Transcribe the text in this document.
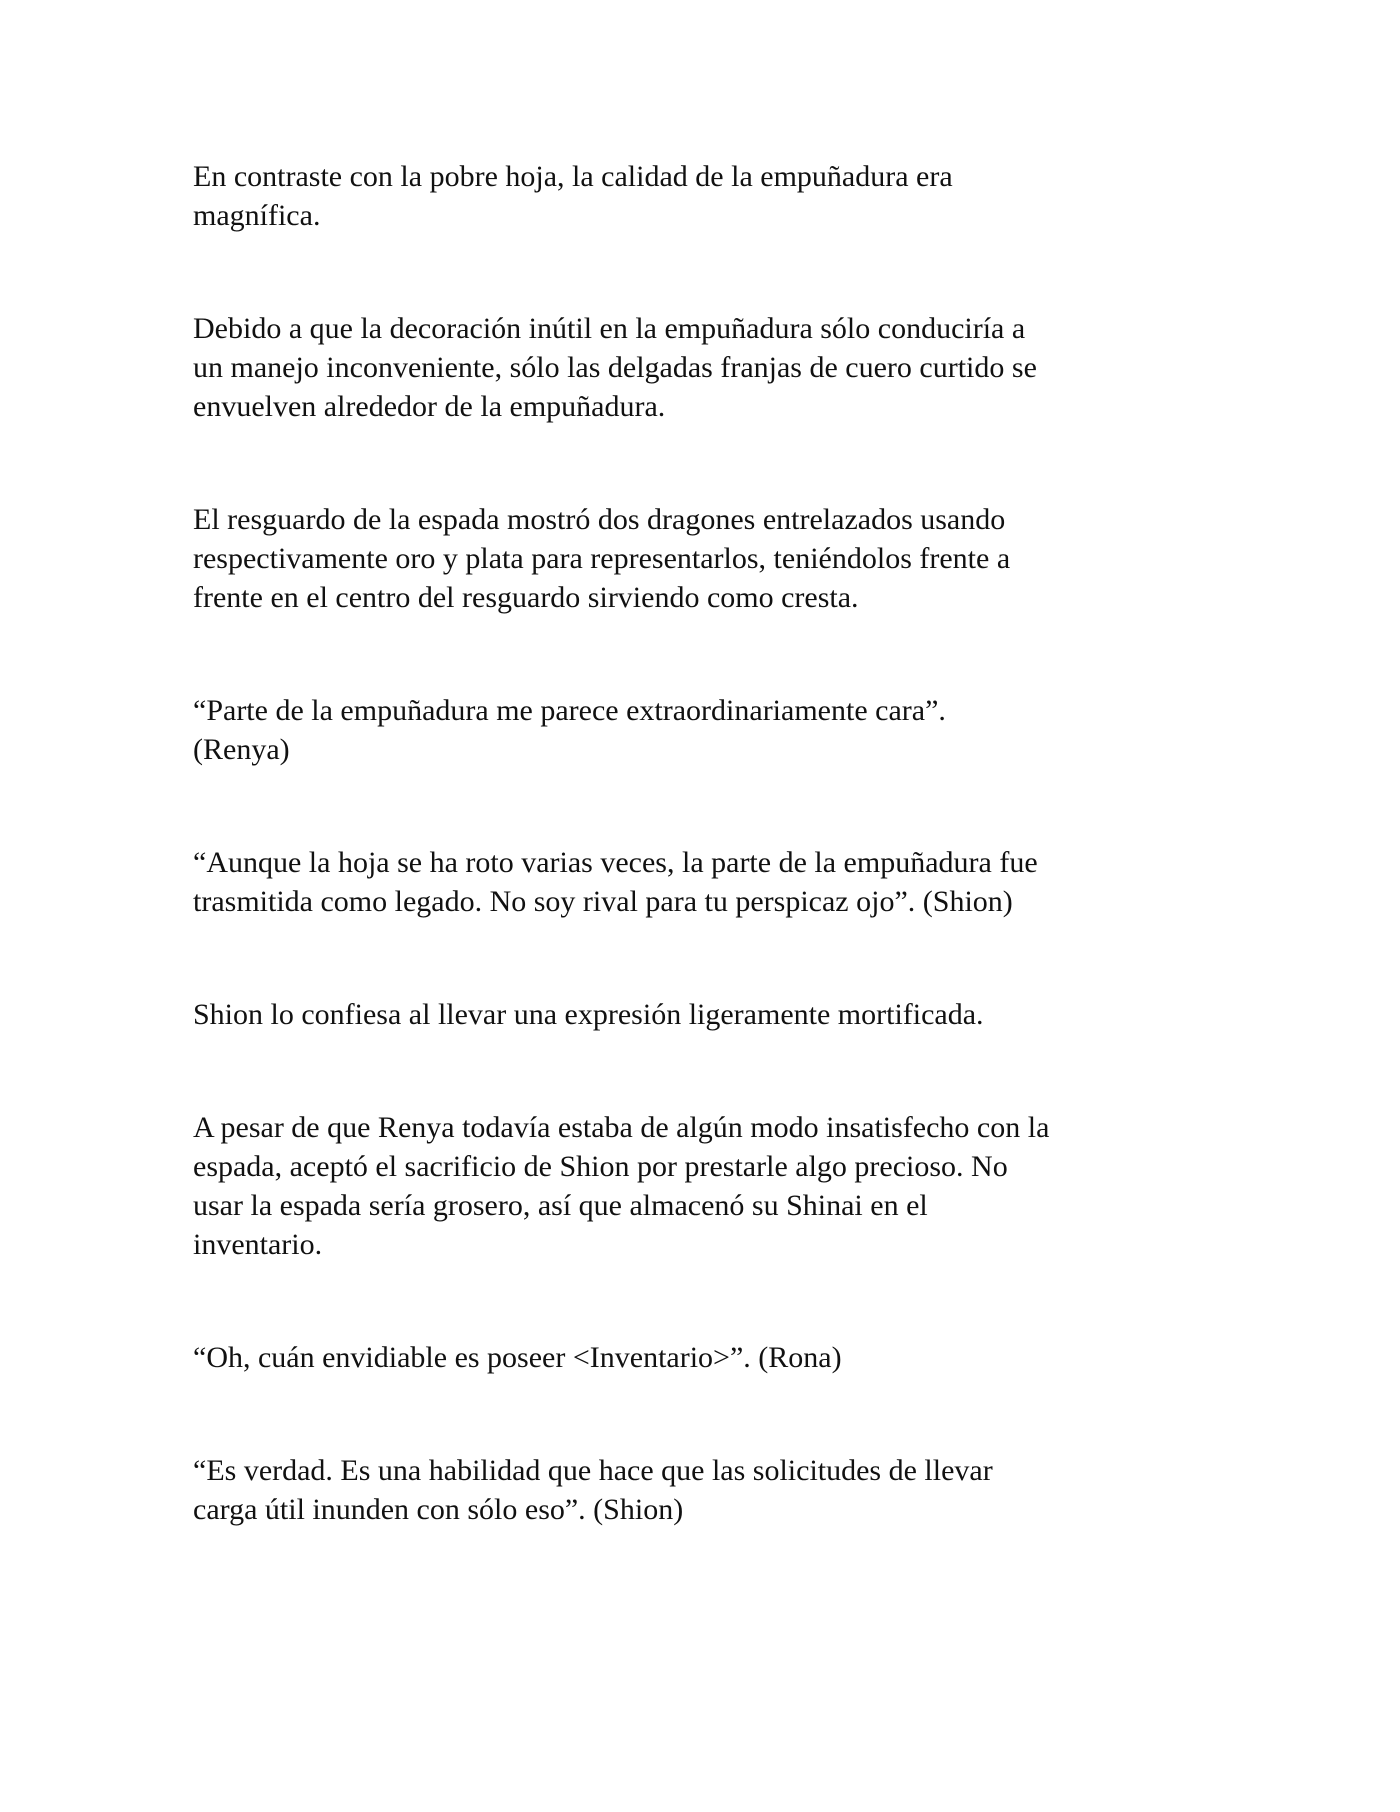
En contraste con la pobre hoja, la calidad de la empuñadura era
magnífica.

Debido a que la decoración inútil en la empuñadura sólo conduciría a
un manejo inconveniente, sólo las delgadas franjas de cuero curtido se
envuelven alrededor de la empuñadura.

El resguardo de la espada mostró dos dragones entrelazados usando
respectivamente oro y plata para representarlos, teniéndolos frente a
frente en el centro del resguardo sirviendo como cresta.

“Parte de la empuñadura me parece extraordinariamente cara”.
(Renya)

“Aunque la hoja se ha roto varias veces, la parte de la empuñadura fue
trasmitida como legado. No soy rival para tu perspicaz ojo”. (Shion)

Shion lo confiesa al llevar una expresión ligeramente mortificada.

A pesar de que Renya todavía estaba de algún modo insatisfecho con la
espada, aceptó el sacrificio de Shion por prestarle algo precioso. No
usar la espada sería grosero, así que almacenó su Shinai en el
inventario.

“Oh, cuán envidiable es poseer <Inventario>”. (Rona)

“Es verdad. Es una habilidad que hace que las solicitudes de llevar
carga útil inunden con sólo eso”. (Shion)
